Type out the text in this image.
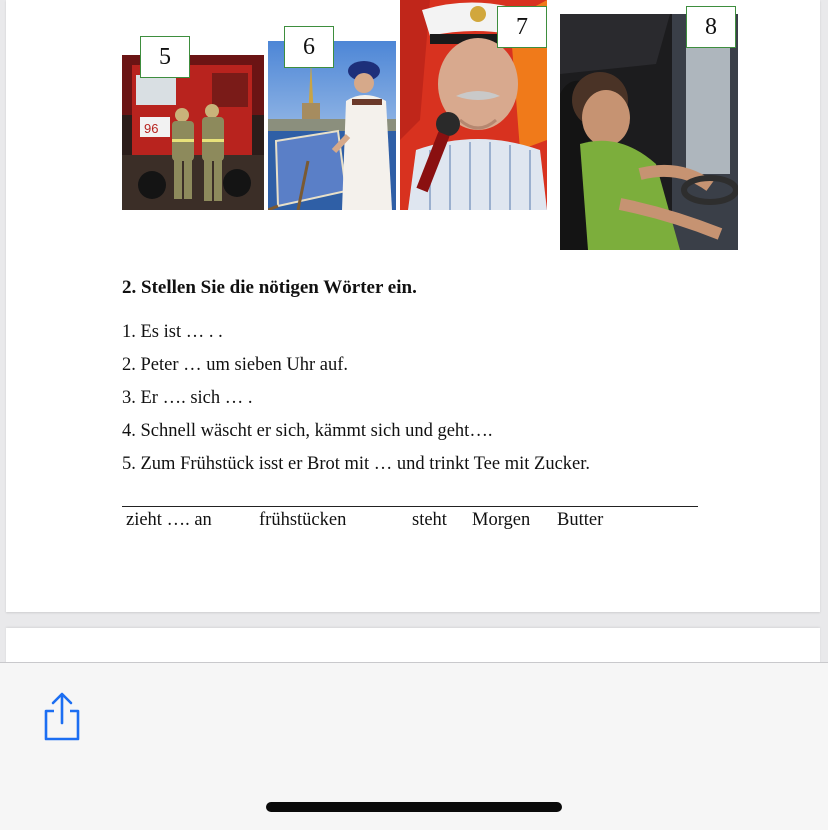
96
5	6
7	8
2. Stellen Sie die nötigen Wörter ein.
1. Es ist … . .
2. Peter … um sieben Uhr auf.
3. Er …. sich … .
4. Schnell wäscht er sich, kämmt sich und geht….
5. Zum Frühstück isst er Brot mit … und trinkt Tee mit Zucker.
zieht …. an	frühstücken	steht Morgen Butter
